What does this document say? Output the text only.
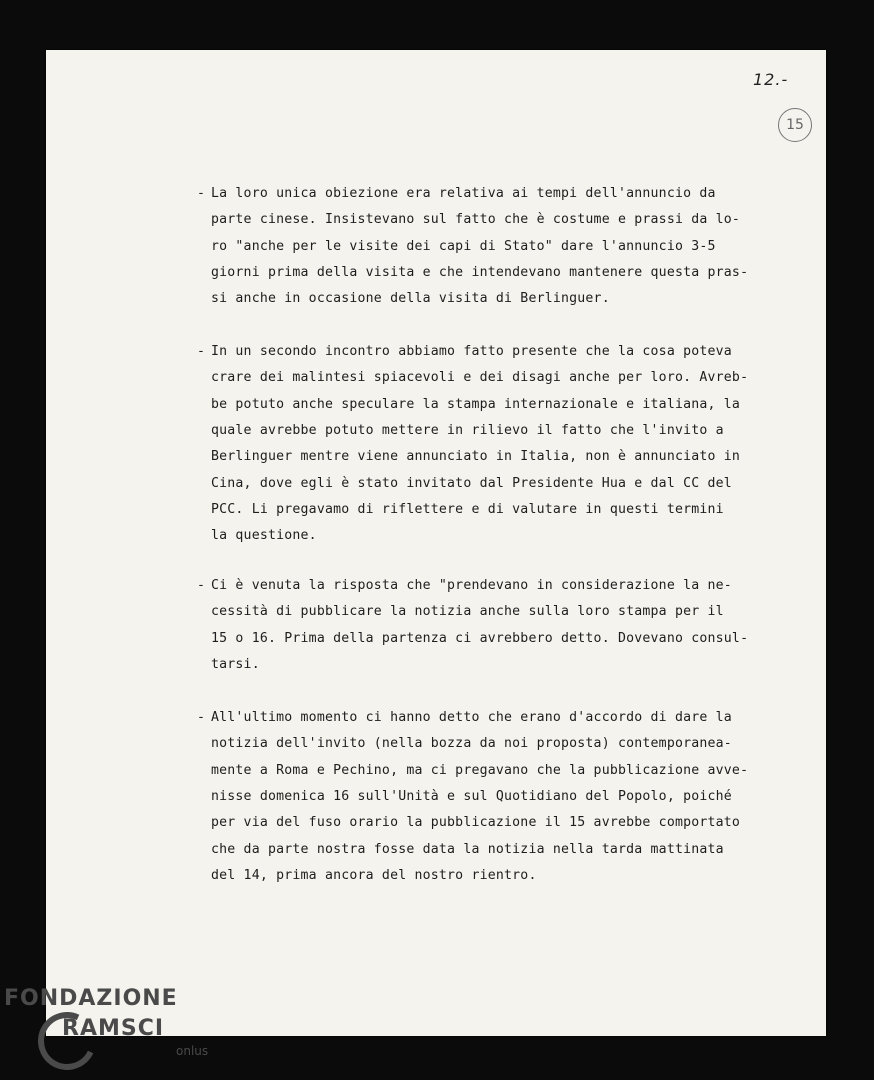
12.-
15
- La loro unica obiezione era relativa ai tempi dell'annuncio da
parte cinese. Insistevano sul fatto che è costume e prassi da lo-
ro "anche per le visite dei capi di Stato" dare l'annuncio 3-5
giorni prima della visita e che intendevano mantenere questa pras-
si anche in occasione della visita di Berlinguer.
- In un secondo incontro abbiamo fatto presente che la cosa poteva
crare dei malintesi spiacevoli e dei disagi anche per loro. Avreb-
be potuto anche speculare la stampa internazionale e italiana, la
quale avrebbe potuto mettere in rilievo il fatto che l'invito a
Berlinguer mentre viene annunciato in Italia, non è annunciato in
Cina, dove egli è stato invitato dal Presidente Hua e dal CC del
PCC. Li pregavamo di riflettere e di valutare in questi termini
la questione.
- Ci è venuta la risposta che "prendevano in considerazione la ne-
cessità di pubblicare la notizia anche sulla loro stampa per il
15 o 16. Prima della partenza ci avrebbero detto. Dovevano consul-
tarsi.
- All'ultimo momento ci hanno detto che erano d'accordo di dare la
notizia dell'invito (nella bozza da noi proposta) contemporanea-
mente a Roma e Pechino, ma ci pregavano che la pubblicazione avve-
nisse domenica 16 sull'Unità e sul Quotidiano del Popolo, poiché
per via del fuso orario la pubblicazione il 15 avrebbe comportato
che da parte nostra fosse data la notizia nella tarda mattinata
del 14, prima ancora del nostro rientro.
FONDAZIONE
RAMSCI
onlus
